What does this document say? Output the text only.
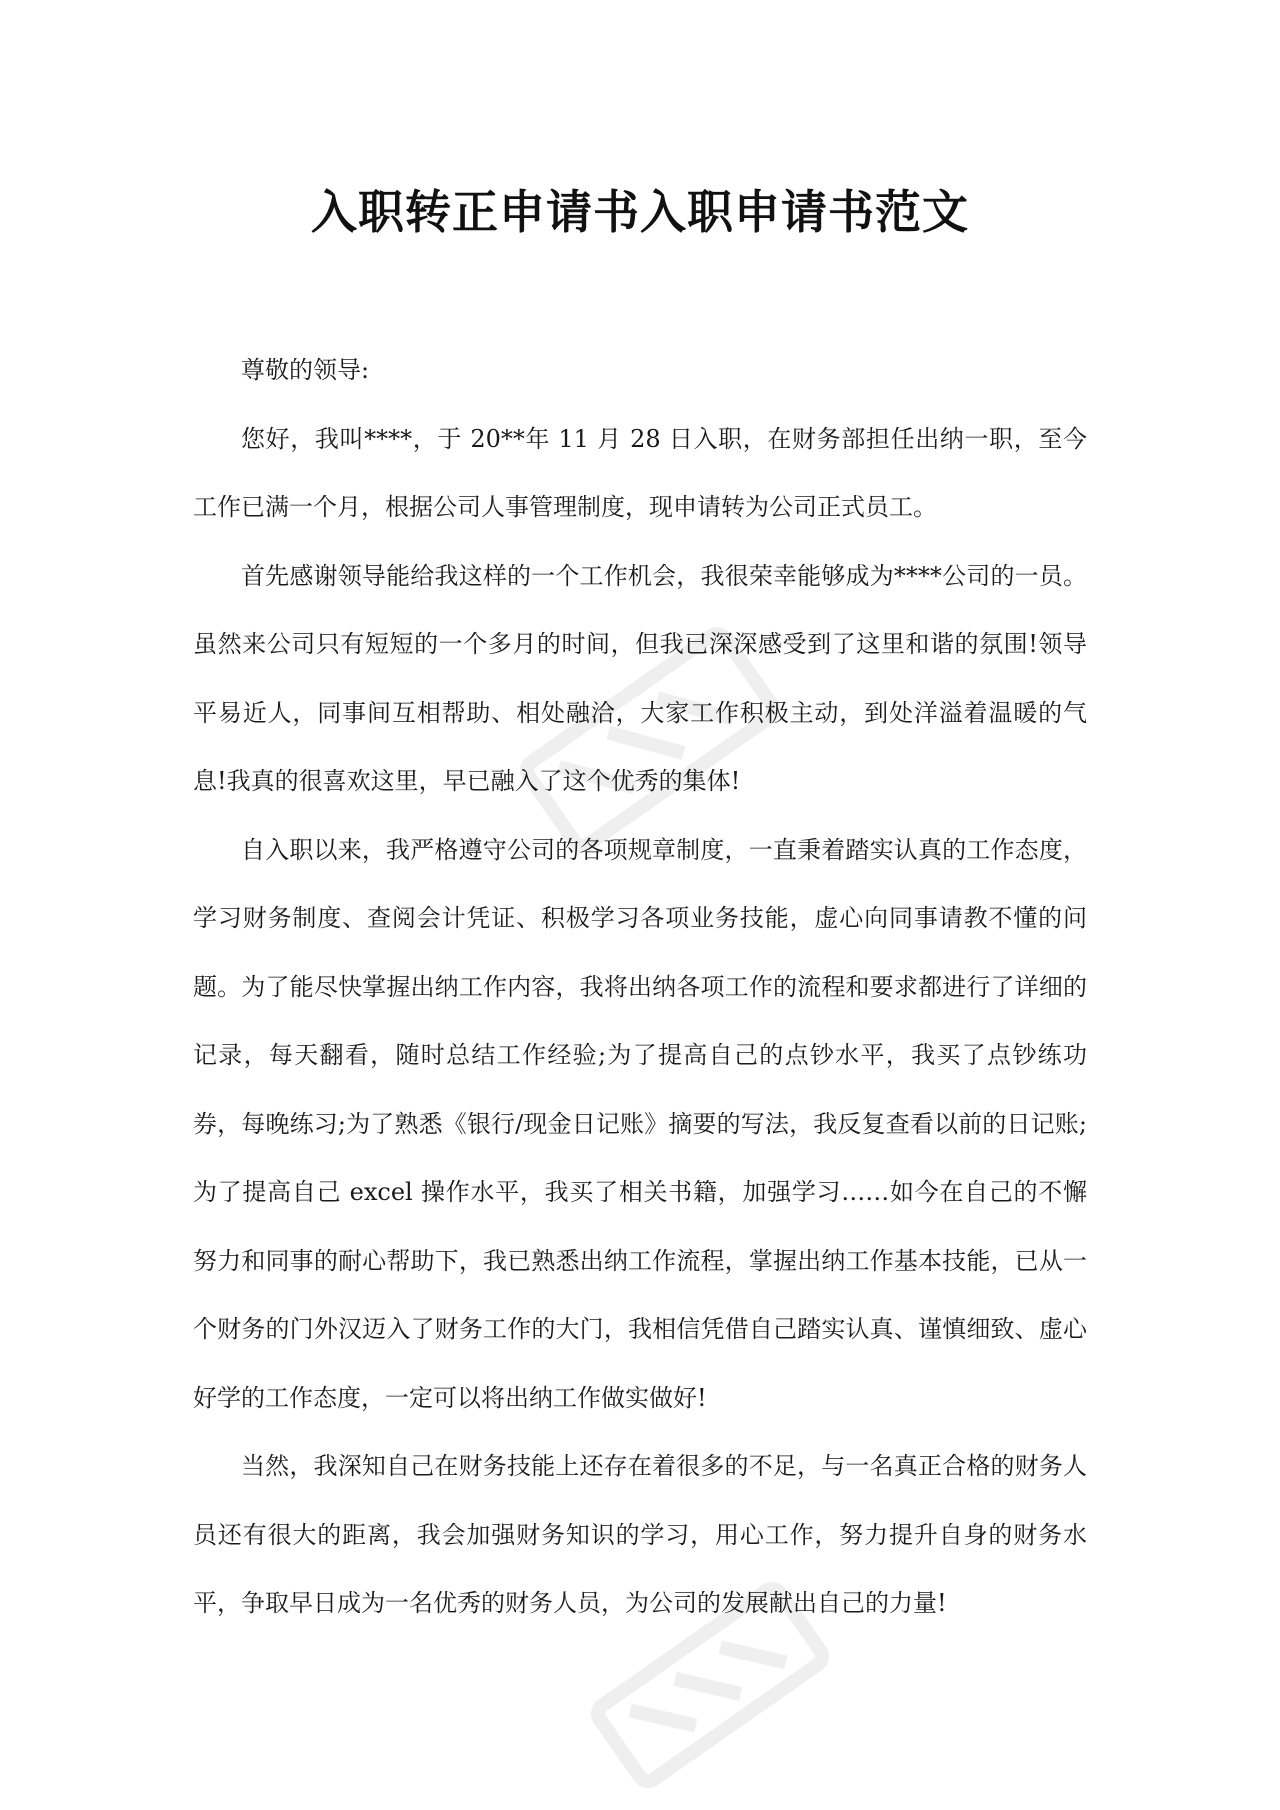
入职转正申请书入职申请书范文

尊敬的领导:

您好，我叫****，于 20**年 11 月 28 日入职，在财务部担任出纳一职，至今工作已满一个月，根据公司人事管理制度，现申请转为公司正式员工。

首先感谢领导能给我这样的一个工作机会，我很荣幸能够成为****公司的一员。虽然来公司只有短短的一个多月的时间，但我已深深感受到了这里和谐的氛围!领导平易近人，同事间互相帮助、相处融洽，大家工作积极主动，到处洋溢着温暖的气息!我真的很喜欢这里，早已融入了这个优秀的集体!

自入职以来，我严格遵守公司的各项规章制度，一直秉着踏实认真的工作态度，学习财务制度、查阅会计凭证、积极学习各项业务技能，虚心向同事请教不懂的问题。为了能尽快掌握出纳工作内容，我将出纳各项工作的流程和要求都进行了详细的记录，每天翻看，随时总结工作经验;为了提高自己的点钞水平，我买了点钞练功券，每晚练习;为了熟悉《银行/现金日记账》摘要的写法，我反复查看以前的日记账;为了提高自己 excel 操作水平，我买了相关书籍，加强学习……如今在自己的不懈努力和同事的耐心帮助下，我已熟悉出纳工作流程，掌握出纳工作基本技能，已从一个财务的门外汉迈入了财务工作的大门，我相信凭借自己踏实认真、谨慎细致、虚心好学的工作态度，一定可以将出纳工作做实做好!

当然，我深知自己在财务技能上还存在着很多的不足，与一名真正合格的财务人员还有很大的距离，我会加强财务知识的学习，用心工作，努力提升自身的财务水平，争取早日成为一名优秀的财务人员，为公司的发展献出自己的力量!
